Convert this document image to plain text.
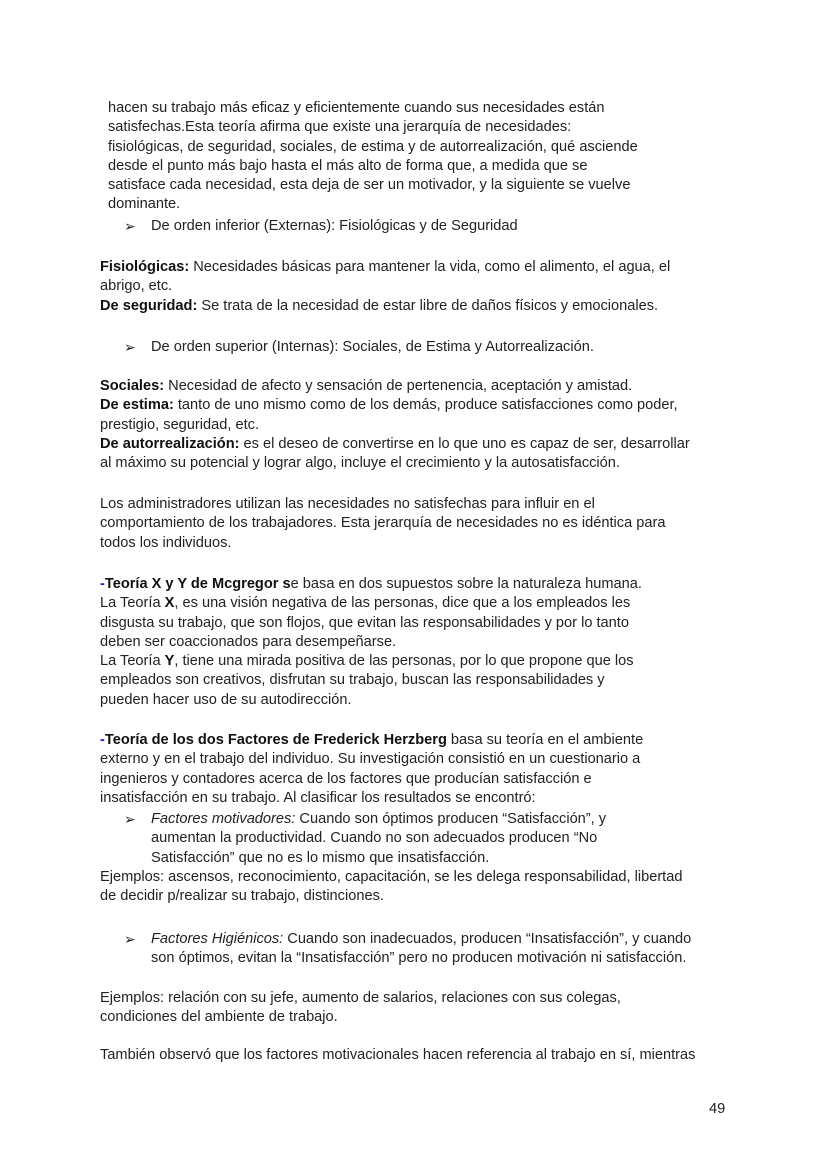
hacen su trabajo más eficaz y eficientemente cuando sus necesidades están

satisfechas.Esta teoría afirma que existe una jerarquía de necesidades:

fisiológicas, de seguridad, sociales, de estima y de autorrealización, qué asciende

desde el punto más bajo hasta el más alto de forma que, a medida que se

satisface cada necesidad, esta deja de ser un motivador, y la siguiente se vuelve

dominante.

➢ De orden inferior (Externas): Fisiológicas y de Seguridad

Fisiológicas: Necesidades básicas para mantener la vida, como el alimento, el agua, el

abrigo, etc.

De seguridad: Se trata de la necesidad de estar libre de daños físicos y emocionales.

➢ De orden superior (Internas): Sociales, de Estima y Autorrealización.

Sociales: Necesidad de afecto y sensación de pertenencia, aceptación y amistad.

De estima: tanto de uno mismo como de los demás, produce satisfacciones como poder,

prestigio, seguridad, etc.

De autorrealización: es el deseo de convertirse en lo que uno es capaz de ser, desarrollar

al máximo su potencial y lograr algo, incluye el crecimiento y la autosatisfacción.

Los administradores utilizan las necesidades no satisfechas para influir en el

comportamiento de los trabajadores. Esta jerarquía de necesidades no es idéntica para

todos los individuos.

-Teoría X y Y de Mcgregor se basa en dos supuestos sobre la naturaleza humana.

La Teoría X, es una visión negativa de las personas, dice que a los empleados les

disgusta su trabajo, que son flojos, que evitan las responsabilidades y por lo tanto

deben ser coaccionados para desempeñarse.

La Teoría Y, tiene una mirada positiva de las personas, por lo que propone que los

empleados son creativos, disfrutan su trabajo, buscan las responsabilidades y

pueden hacer uso de su autodirección.

-Teoría de los dos Factores de Frederick Herzberg basa su teoría en el ambiente

externo y en el trabajo del individuo. Su investigación consistió en un cuestionario a

ingenieros y contadores acerca de los factores que producían satisfacción e

insatisfacción en su trabajo. Al clasificar los resultados se encontró:

➢ Factores motivadores: Cuando son óptimos producen “Satisfacción”, y

aumentan la productividad. Cuando no son adecuados producen “No

Satisfacción” que no es lo mismo que insatisfacción.

Ejemplos: ascensos, reconocimiento, capacitación, se les delega responsabilidad, libertad

de decidir p/realizar su trabajo, distinciones.

➢ Factores Higiénicos: Cuando son inadecuados, producen “Insatisfacción”, y cuando

son óptimos, evitan la “Insatisfacción” pero no producen motivación ni satisfacción.

Ejemplos: relación con su jefe, aumento de salarios, relaciones con sus colegas,

condiciones del ambiente de trabajo.

También observó que los factores motivacionales hacen referencia al trabajo en sí, mientras

49
